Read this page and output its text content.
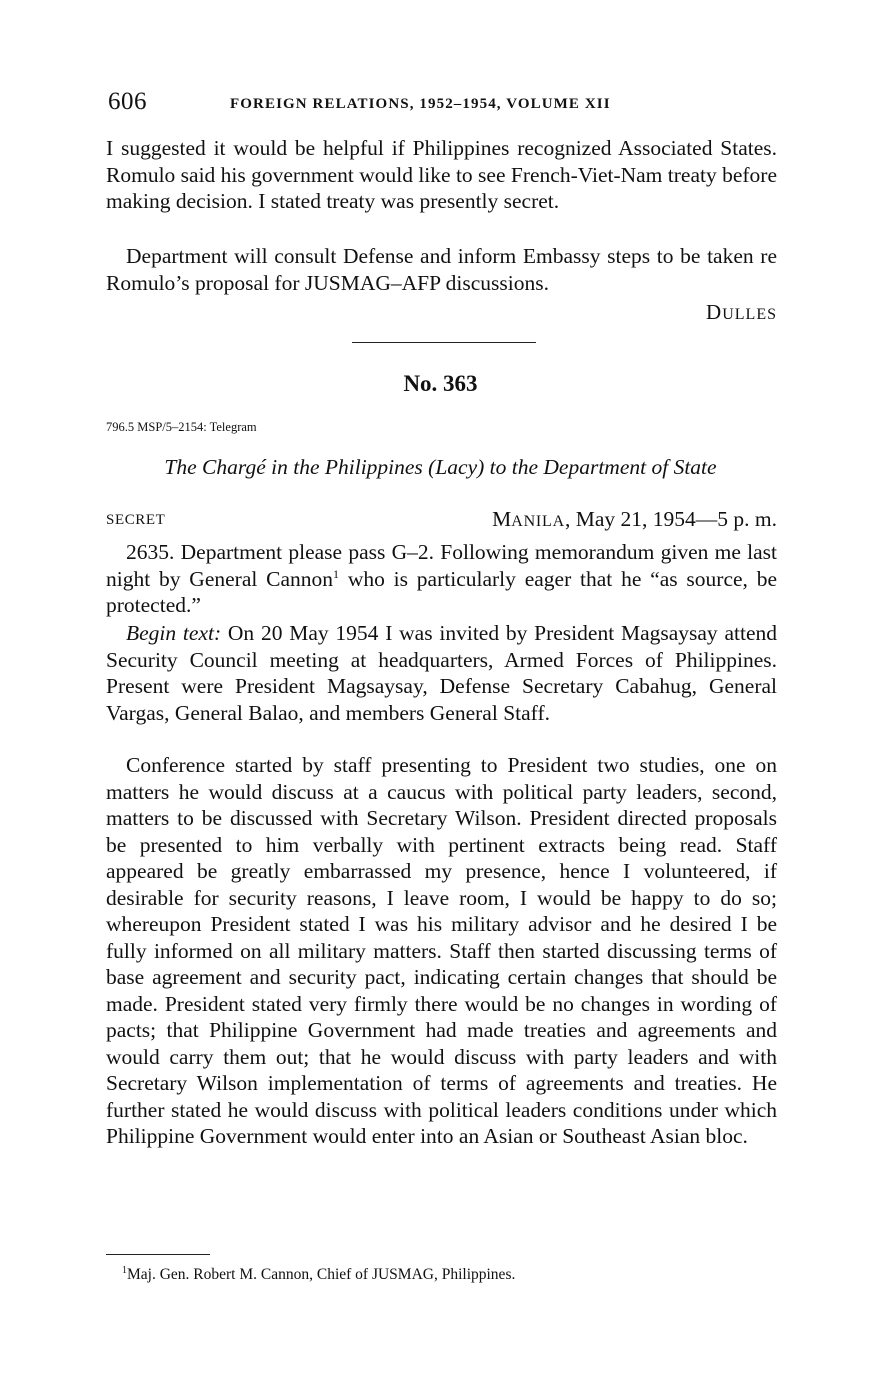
606	FOREIGN RELATIONS, 1952–1954, VOLUME XII

I suggested it would be helpful if Philippines recognized Associated States. Romulo said his government would like to see French-Viet-Nam treaty before making decision. I stated treaty was presently secret.

Department will consult Defense and inform Embassy steps to be taken re Romulo’s proposal for JUSMAG–AFP discussions.

DULLES
No. 363
796.5 MSP/5–2154: Telegram
The Chargé in the Philippines (Lacy) to the Department of State
SECRET	MANILA, May 21, 1954—5 p. m.

2635. Department please pass G–2. Following memorandum given me last night by General Cannon$^1$ who is particularly eager that he “as source, be protected.”

Begin text: On 20 May 1954 I was invited by President Magsaysay attend Security Council meeting at headquarters, Armed Forces of Philippines. Present were President Magsaysay, Defense Secretary Cabahug, General Vargas, General Balao, and members General Staff.

Conference started by staff presenting to President two studies, one on matters he would discuss at a caucus with political party leaders, second, matters to be discussed with Secretary Wilson. President directed proposals be presented to him verbally with pertinent extracts being read. Staff appeared be greatly embarrassed my presence, hence I volunteered, if desirable for security reasons, I leave room, I would be happy to do so; whereupon President stated I was his military advisor and he desired I be fully informed on all military matters. Staff then started discussing terms of base agreement and security pact, indicating certain changes that should be made. President stated very firmly there would be no changes in wording of pacts; that Philippine Government had made treaties and agreements and would carry them out; that he would discuss with party leaders and with Secretary Wilson implementation of terms of agreements and treaties. He further stated he would discuss with political leaders conditions under which Philippine Government would enter into an Asian or Southeast Asian bloc.

$^1$Maj. Gen. Robert M. Cannon, Chief of JUSMAG, Philippines.
